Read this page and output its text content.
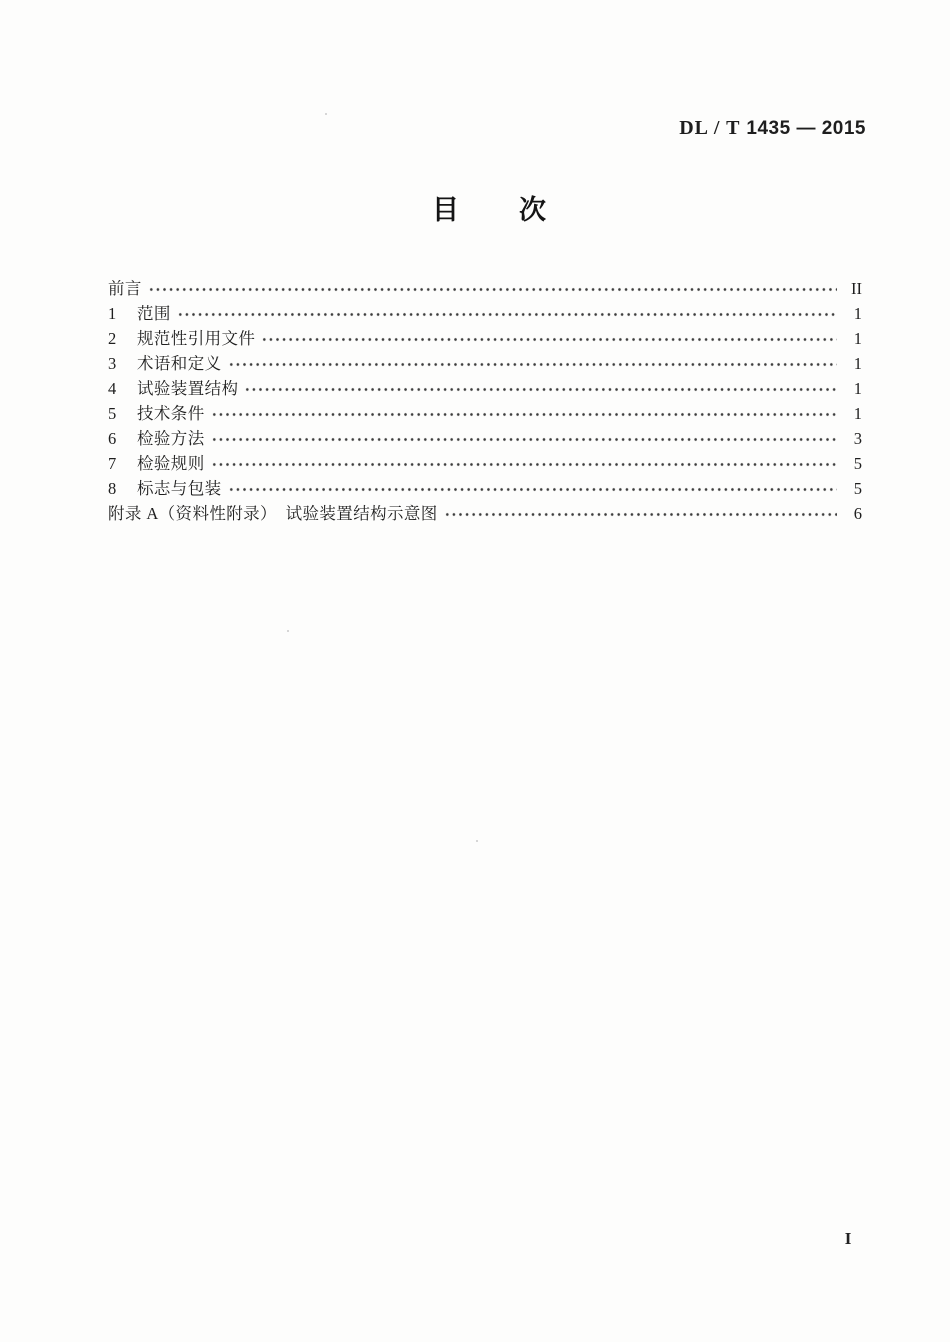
DL / T 1435 — 2015
目 次
前言	II
1	范围	1
2	规范性引用文件	1
3	术语和定义	1
4	试验装置结构	1
5	技术条件	1
6	检验方法	3
7	检验规则	5
8	标志与包装	5
附录 A（资料性附录）　试验装置结构示意图	6
I
